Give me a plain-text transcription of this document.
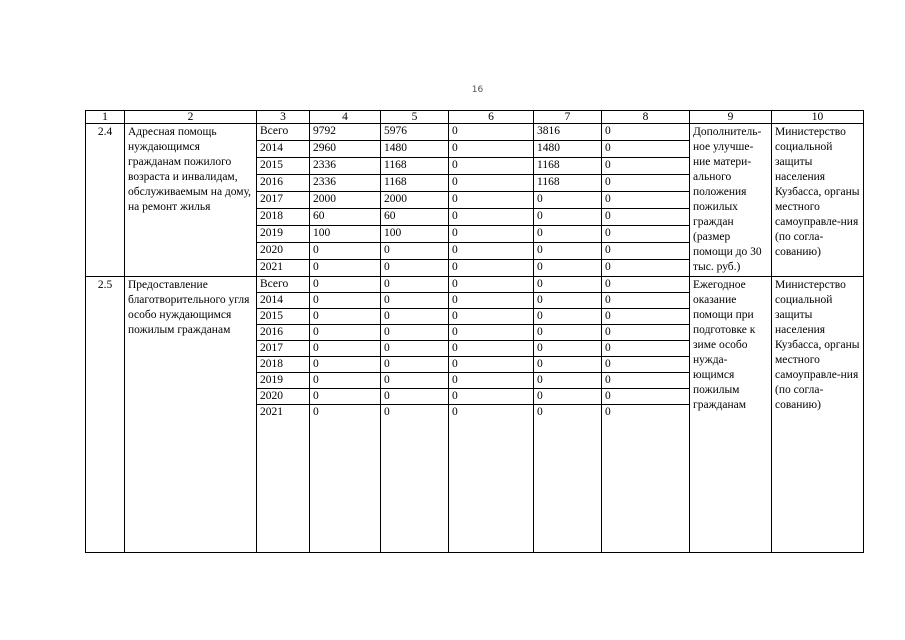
16
1	2	3	4	5	6	7	8	9	10
2.4	Адресная помощь нуждающимся гражданам пожилого возраста и инвалидам, обслуживаемым на дому, на ремонт жилья	Всего	9792	5976	0	3816	0	Дополнитель-ное улучше-ние матери-ального положения пожилых граждан (размер помощи до 30 тыс. руб.)	Министерство социальной защиты населения Кузбасса, органы местного самоуправле-ния (по согла-сованию)
		2014	2960	1480	0	1480	0		
		2015	2336	1168	0	1168	0		
		2016	2336	1168	0	1168	0		
		2017	2000	2000	0	0	0		
		2018	60	60	0	0	0		
		2019	100	100	0	0	0		
		2020	0	0	0	0	0		
		2021	0	0	0	0	0		
2.5	Предоставление благотворительного угля особо нуждающимся пожилым гражданам	Всего	0	0	0	0	0	Ежегодное оказание помощи при подготовке к зиме особо нужда-ющимся пожилым гражданам	Министерство социальной защиты населения Кузбасса, органы местного самоуправле-ния (по согла-сованию)
		2014	0	0	0	0	0		
		2015	0	0	0	0	0		
		2016	0	0	0	0	0		
		2017	0	0	0	0	0		
		2018	0	0	0	0	0		
		2019	0	0	0	0	0		
		2020	0	0	0	0	0		
		2021	0	0	0	0	0		
